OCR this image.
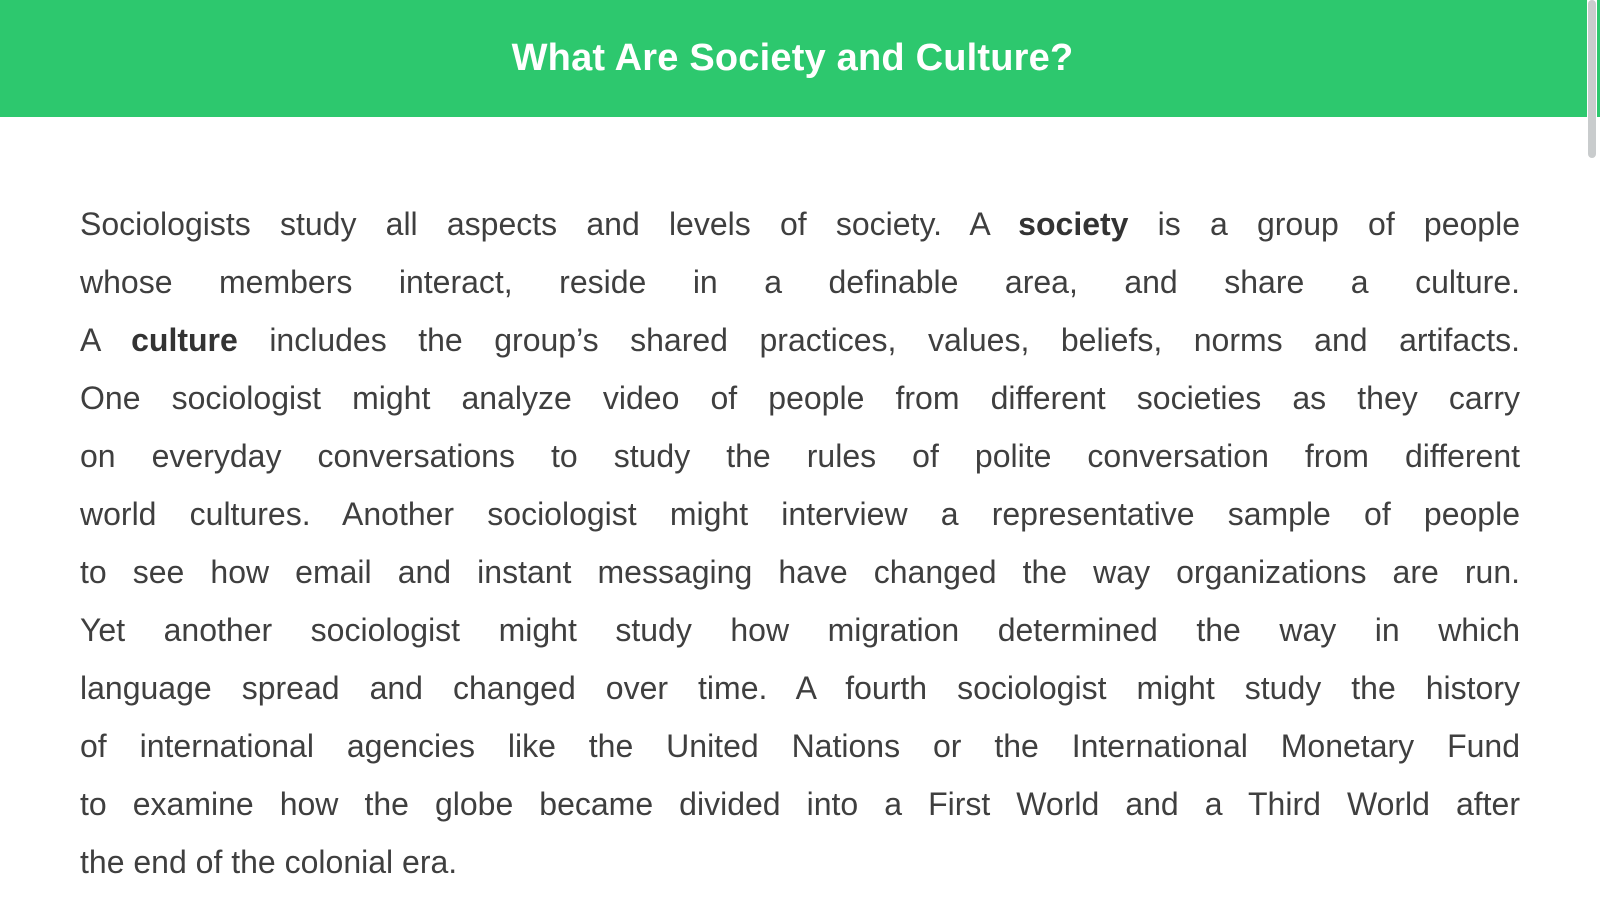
What Are Society and Culture?
Sociologists study all aspects and levels of society. A society is a group of people
whose members interact, reside in a definable area, and share a culture.
A culture includes the group’s shared practices, values, beliefs, norms and artifacts.
One sociologist might analyze video of people from different societies as they carry
on everyday conversations to study the rules of polite conversation from different
world cultures. Another sociologist might interview a representative sample of people
to see how email and instant messaging have changed the way organizations are run.
Yet another sociologist might study how migration determined the way in which
language spread and changed over time. A fourth sociologist might study the history
of international agencies like the United Nations or the International Monetary Fund
to examine how the globe became divided into a First World and a Third World after
the end of the colonial era.
